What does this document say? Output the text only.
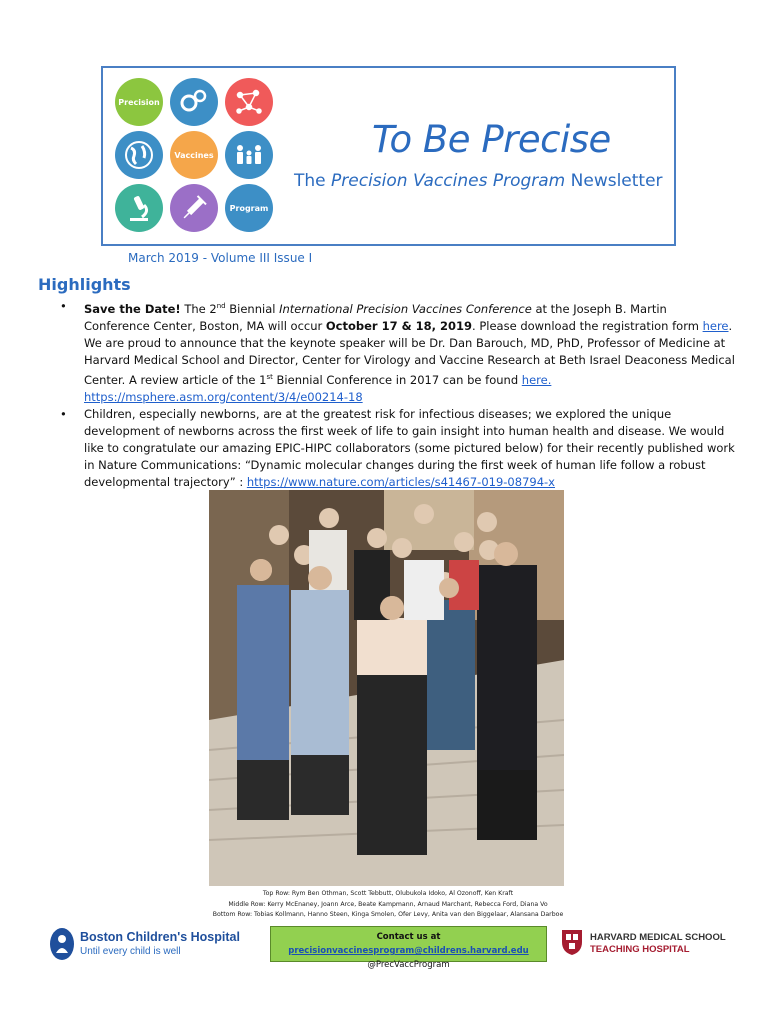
Precision
Vaccines
Program
To Be Precise
The Precision Vaccines Program Newsletter
March 2019 - Volume III Issue I
Highlights
• Save the Date! The 2nd Biennial International Precision Vaccines Conference at the Joseph B. Martin Conference Center, Boston, MA will occur October 17 & 18, 2019. Please download the registration form here. We are proud to announce that the keynote speaker will be Dr. Dan Barouch, MD, PhD, Professor of Medicine at Harvard Medical School and Director, Center for Virology and Vaccine Research at Beth Israel Deaconess Medical Center. A review article of the 1st Biennial Conference in 2017 can be found here. https://msphere.asm.org/content/3/4/e00214-18
• Children, especially newborns, are at the greatest risk for infectious diseases; we explored the unique development of newborns across the first week of life to gain insight into human health and disease. We would like to congratulate our amazing EPIC-HIPC collaborators (some pictured below) for their recently published work in Nature Communications: “Dynamic molecular changes during the first week of human life follow a robust developmental trajectory” : https://www.nature.com/articles/s41467-019-08794-x
Top Row: Rym Ben Othman, Scott Tebbutt, Olubukola Idoko, Al Ozonoff, Ken Kraft
Middle Row: Kerry McEnaney, Joann Arce, Beate Kampmann, Arnaud Marchant, Rebecca Ford, Diana Vo
Bottom Row: Tobias Kollmann, Hanno Steen, Kinga Smolen, Ofer Levy, Anita van den Biggelaar, Alansana Darboe
Boston Children's Hospital
Until every child is well
Contact us at precisionvaccinesprogram@childrens.harvard.edu
@PrecVaccProgram
HARVARD MEDICAL SCHOOL
TEACHING HOSPITAL
